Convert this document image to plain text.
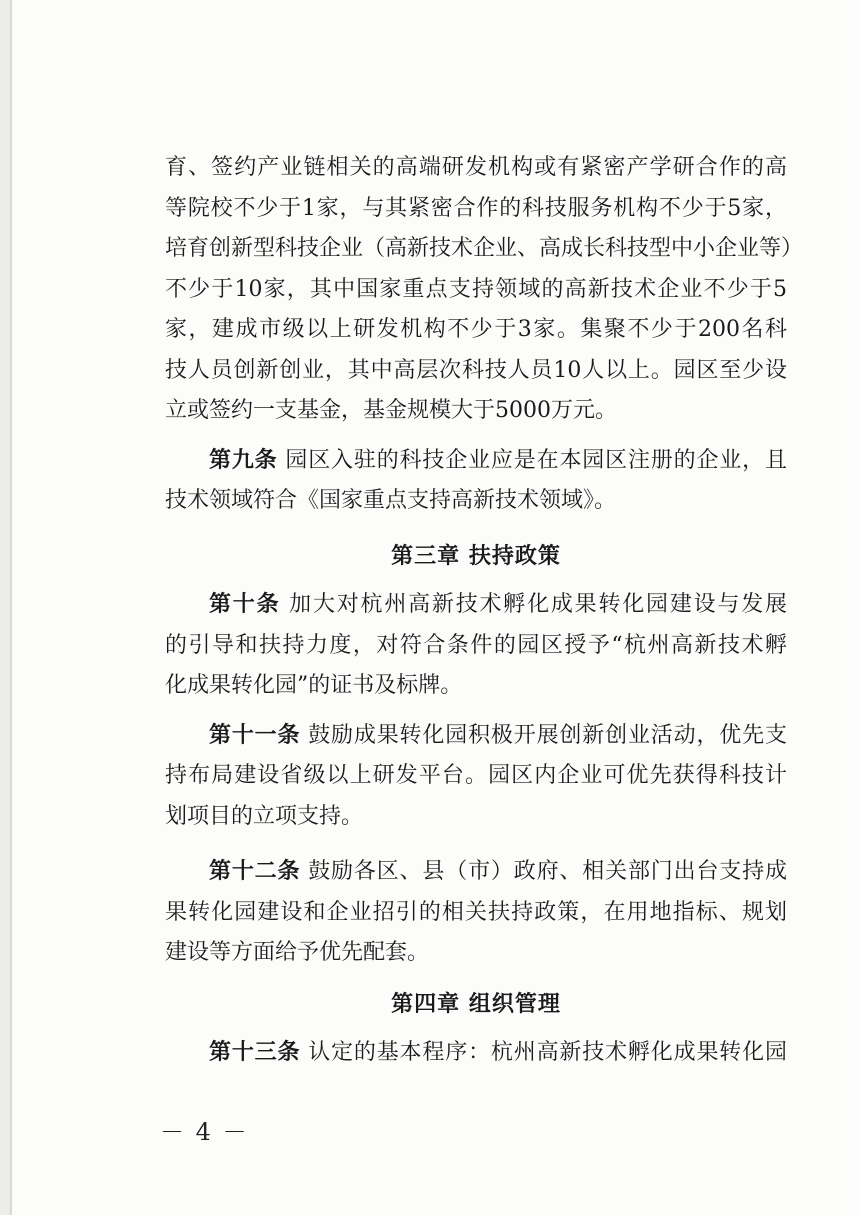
育、签约产业链相关的高端研发机构或有紧密产学研合作的高
等院校不少于1家，与其紧密合作的科技服务机构不少于5家，
培育创新型科技企业（高新技术企业、高成长科技型中小企业等）
不少于10家，其中国家重点支持领域的高新技术企业不少于5
家，建成市级以上研发机构不少于3家。集聚不少于200名科
技人员创新创业，其中高层次科技人员10人以上。园区至少设
立或签约一支基金，基金规模大于5000万元。
第九条 园区入驻的科技企业应是在本园区注册的企业，且
技术领域符合《国家重点支持高新技术领域》。
第三章 扶持政策
第十条 加大对杭州高新技术孵化成果转化园建设与发展
的引导和扶持力度，对符合条件的园区授予“杭州高新技术孵
化成果转化园”的证书及标牌。
第十一条 鼓励成果转化园积极开展创新创业活动，优先支
持布局建设省级以上研发平台。园区内企业可优先获得科技计
划项目的立项支持。
第十二条 鼓励各区、县（市）政府、相关部门出台支持成
果转化园建设和企业招引的相关扶持政策，在用地指标、规划
建设等方面给予优先配套。
第四章 组织管理
第十三条 认定的基本程序：杭州高新技术孵化成果转化园
－ 4 －
